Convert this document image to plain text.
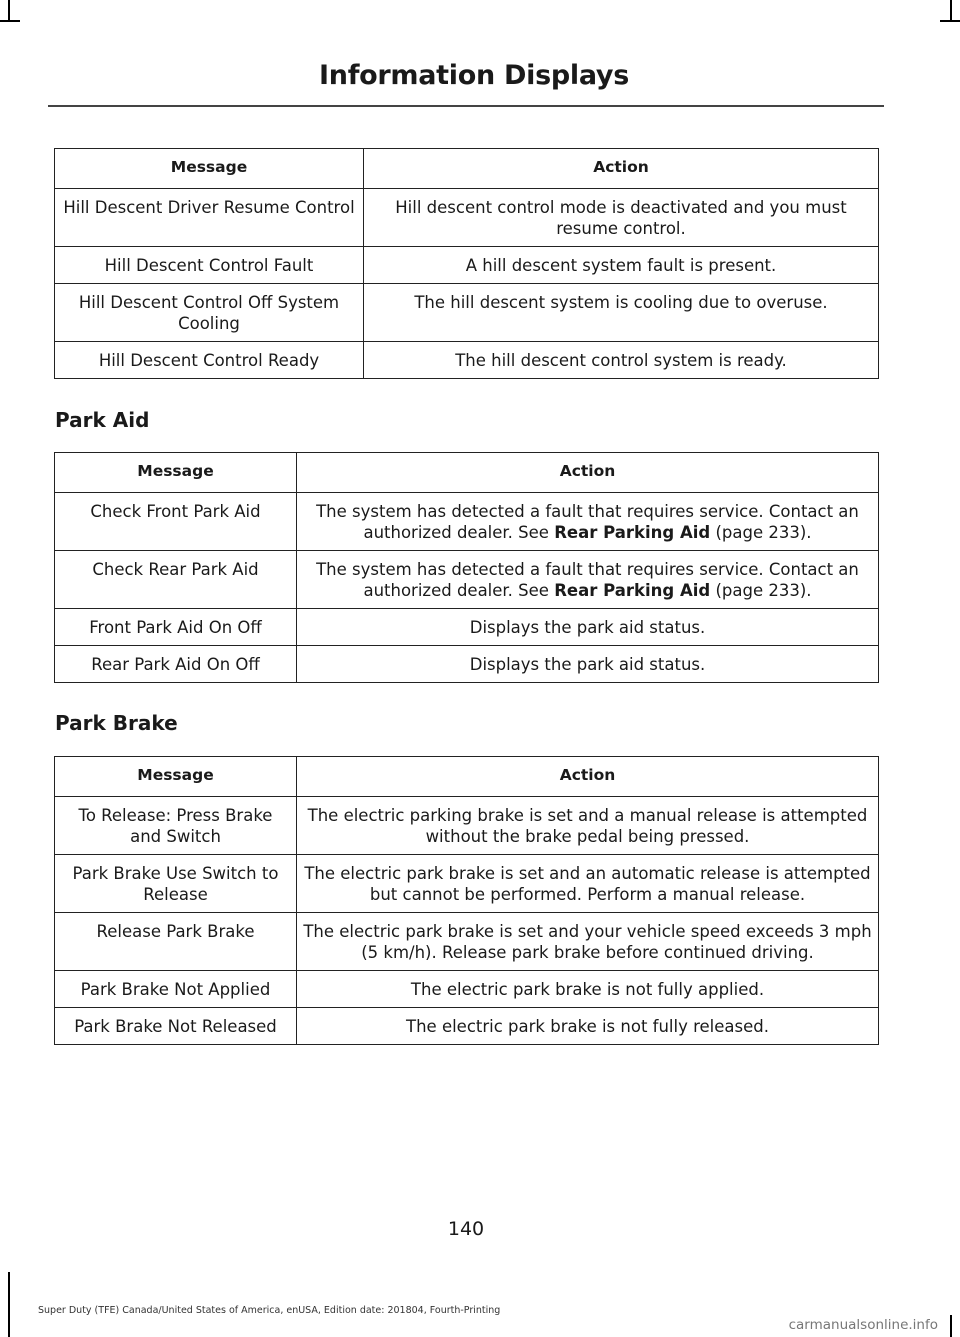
Information Displays
Message	Action
Hill Descent Driver Resume Control	Hill descent control mode is deactivated and you must resume control.
Hill Descent Control Fault	A hill descent system fault is present.
Hill Descent Control Off System Cooling	The hill descent system is cooling due to overuse.
Hill Descent Control Ready	The hill descent control system is ready.
Park Aid
Message	Action
Check Front Park Aid	The system has detected a fault that requires service. Contact an authorized dealer. See Rear Parking Aid (page 233).
Check Rear Park Aid	The system has detected a fault that requires service. Contact an authorized dealer. See Rear Parking Aid (page 233).
Front Park Aid On Off	Displays the park aid status.
Rear Park Aid On Off	Displays the park aid status.
Park Brake
Message	Action
To Release: Press Brake and Switch	The electric parking brake is set and a manual release is attempted without the brake pedal being pressed.
Park Brake Use Switch to Release	The electric park brake is set and an automatic release is attempted but cannot be performed. Perform a manual release.
Release Park Brake	The electric park brake is set and your vehicle speed exceeds 3 mph (5 km/h). Release park brake before continued driving.
Park Brake Not Applied	The electric park brake is not fully applied.
Park Brake Not Released	The electric park brake is not fully released.
140
Super Duty (TFE) Canada/United States of America, enUSA, Edition date: 201804, Fourth-Printing
carmanualsonline.info
